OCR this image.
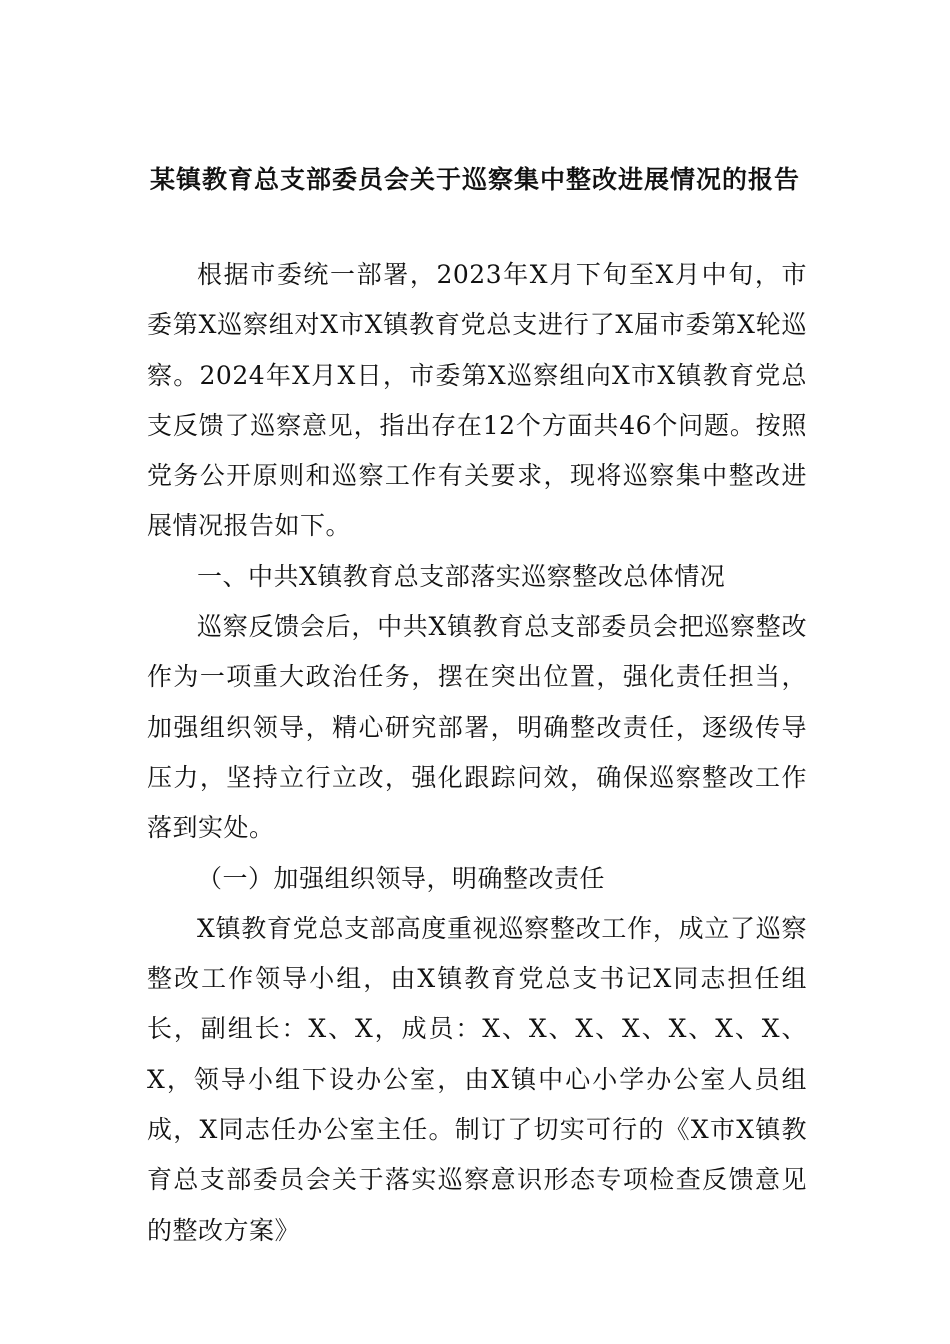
某镇教育总支部委员会关于巡察集中整改进展情况的报告

根据市委统一部署，2023年X月下旬至X月中旬，市委第X巡察组对X市X镇教育党总支进行了X届市委第X轮巡察。2024年X月X日，市委第X巡察组向X市X镇教育党总支反馈了巡察意见，指出存在12个方面共46个问题。按照党务公开原则和巡察工作有关要求，现将巡察集中整改进展情况报告如下。

一、中共X镇教育总支部落实巡察整改总体情况

巡察反馈会后，中共X镇教育总支部委员会把巡察整改作为一项重大政治任务，摆在突出位置，强化责任担当，加强组织领导，精心研究部署，明确整改责任，逐级传导压力，坚持立行立改，强化跟踪问效，确保巡察整改工作落到实处。

（一）加强组织领导，明确整改责任

X镇教育党总支部高度重视巡察整改工作，成立了巡察整改工作领导小组，由X镇教育党总支书记X同志担任组长，副组长：X、X，成员：X、X、X、X、X、X、X、X，领导小组下设办公室，由X镇中心小学办公室人员组成，X同志任办公室主任。制订了切实可行的《X市X镇教育总支部委员会关于落实巡察意识形态专项检查反馈意见的整改方案》
